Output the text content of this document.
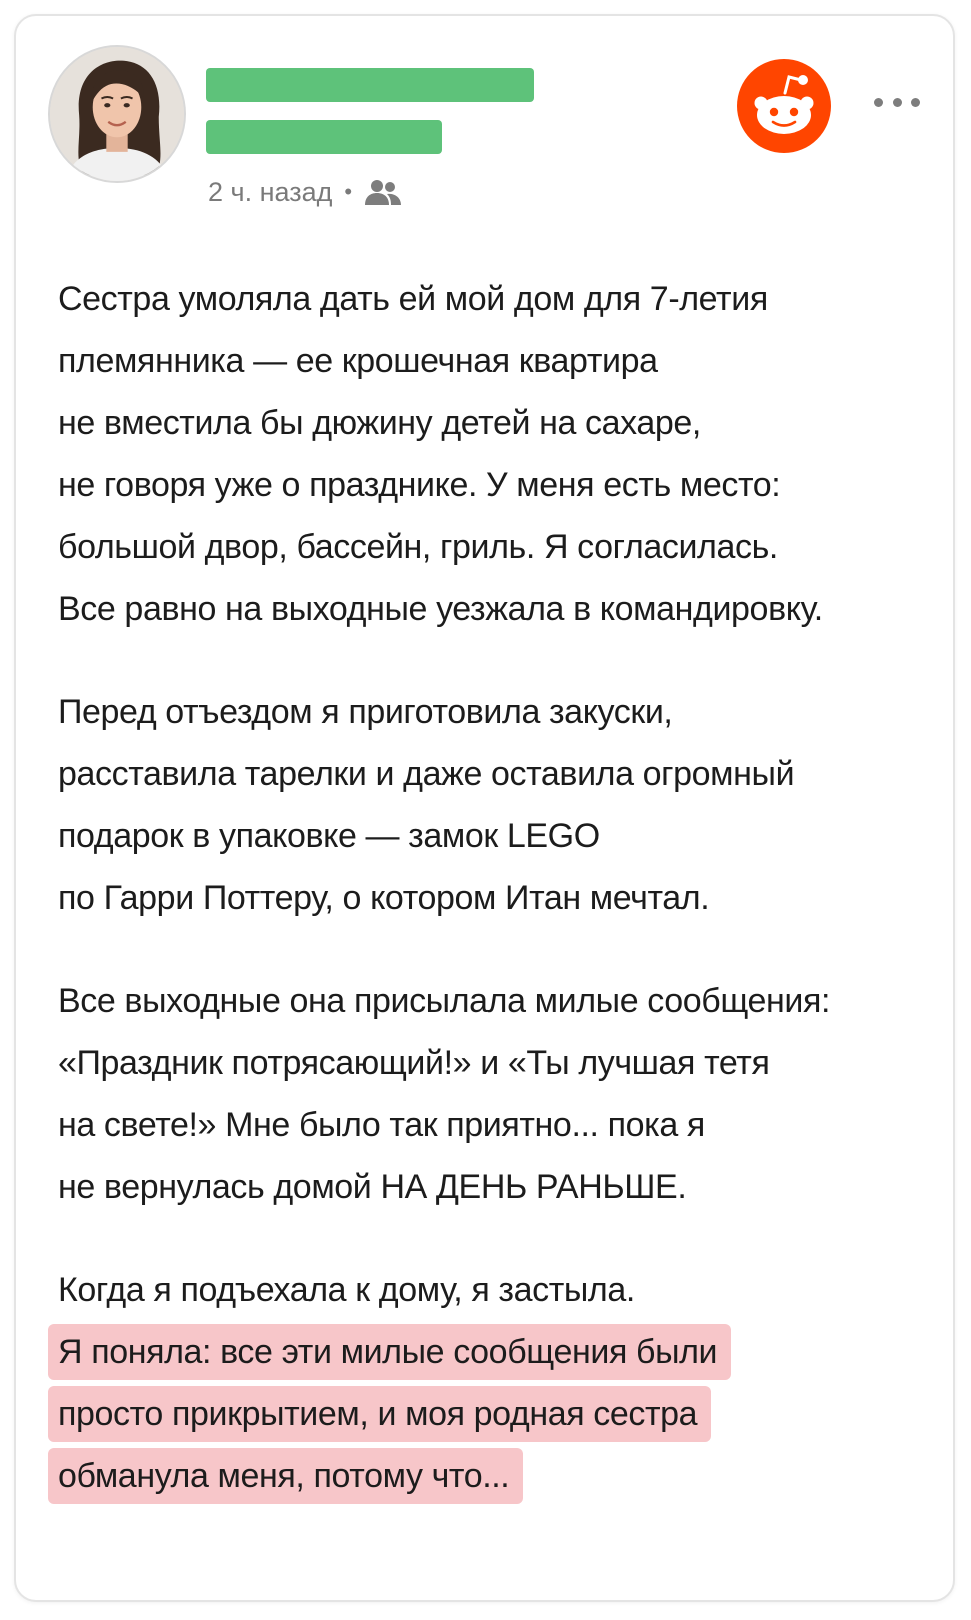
2 ч. назад •
Сестра умоляла дать ей мой дом для 7-летия
племянника — ее крошечная квартира
не вместила бы дюжину детей на сахаре,
не говоря уже о празднике. У меня есть место:
большой двор, бассейн, гриль. Я согласилась.
Все равно на выходные уезжала в командировку.
Перед отъездом я приготовила закуски,
расставила тарелки и даже оставила огромный
подарок в упаковке — замок LEGO
по Гарри Поттеру, о котором Итан мечтал.
Все выходные она присылала милые сообщения:
«Праздник потрясающий!» и «Ты лучшая тетя
на свете!» Мне было так приятно... пока я
не вернулась домой НА ДЕНЬ РАНЬШЕ.
Когда я подъехала к дому, я застыла.
Я поняла: все эти милые сообщения были
просто прикрытием, и моя родная сестра
обманула меня, потому что...
